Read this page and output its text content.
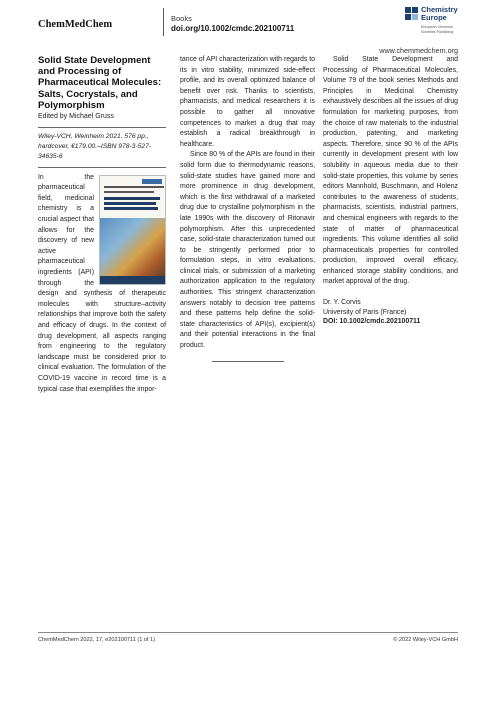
ChemMedChem
Books
doi.org/10.1002/cmdc.202100711
Chemistry
Europe
European Chemical
Societies Publishing
www.chemmedchem.org
Solid State Development and Processing of Pharmaceutical Molecules: Salts, Cocrystals, and Polymorphism
Edited by Michael Gruss
Wiley-VCH, Weinheim 2021. 576 pp., hardcover, €179.00.–ISBN 978-3-527-34635-6

In the pharmaceutical field, medicinal chemistry is a crucial aspect that allows for the discovery of new active pharmaceutical ingredients (API) through the design and synthesis of therapeutic molecules with structure–activity relationships that improve both the safety and efficacy of drugs. In the context of drug development, all aspects ranging from engineering to the regulatory landscape must be considered prior to clinical evaluation. The formulation of the COVID-19 vaccine in record time is a typical case that exemplifies the impor-

tance of API characterization with regards to its in vitro stability, minimized side-effect profile, and its overall optimized balance of benefit over risk. Thanks to scientists, pharmacists, and medical researchers it is possible to gather all innovative competences to market a drug that may establish a radical breakthrough in healthcare.

Since 80 % of the APIs are found in their solid form due to thermodynamic reasons, solid-state studies have gained more and more prominence in drug development, which is the first withdrawal of a marketed drug due to crystalline polymorphism in the late 1990s with the discovery of Ritonavir polymorphism. After this unprecedented case, solid-state characterization turned out to be stringently performed prior to formulation steps, in vitro evaluations, clinical trials, or submission of a marketing authorization application to the regulatory authorities. This stringent characterization answers notably to decision tree patterns and these patterns help define the solid-state characteristics of API(s), excipient(s) and their potential interactions in the final product.

Solid State Development and Processing of Pharmaceutical Molecules, Volume 79 of the book series Methods and Principles in Medicinal Chemistry exhaustively describes all the issues of drug formulation for marketing purposes, from the choice of raw materials to the industrial production, patenting, and marketing aspects. Therefore, since 90 % of the APIs currently in development present with low solubility in aqueous media due to their solid-state properties, this volume by series editors Mannhold, Buschmann, and Holenz contributes to the awareness of students, pharmacists, scientists, industrial partners, and chemical engineers with regards to the state of matter of pharmaceutical ingredients. This volume identifies all solid pharmaceuticals properties for controlled production, improved overall efficacy, enhanced storage stability conditions, and market approval of the drug.

Dr. Y. Corvis
University of Paris (France)
DOI: 10.1002/cmdc.202100711
ChemMedChem 2022, 17, e202100711 (1 of 1)	© 2022 Wiley-VCH GmbH
